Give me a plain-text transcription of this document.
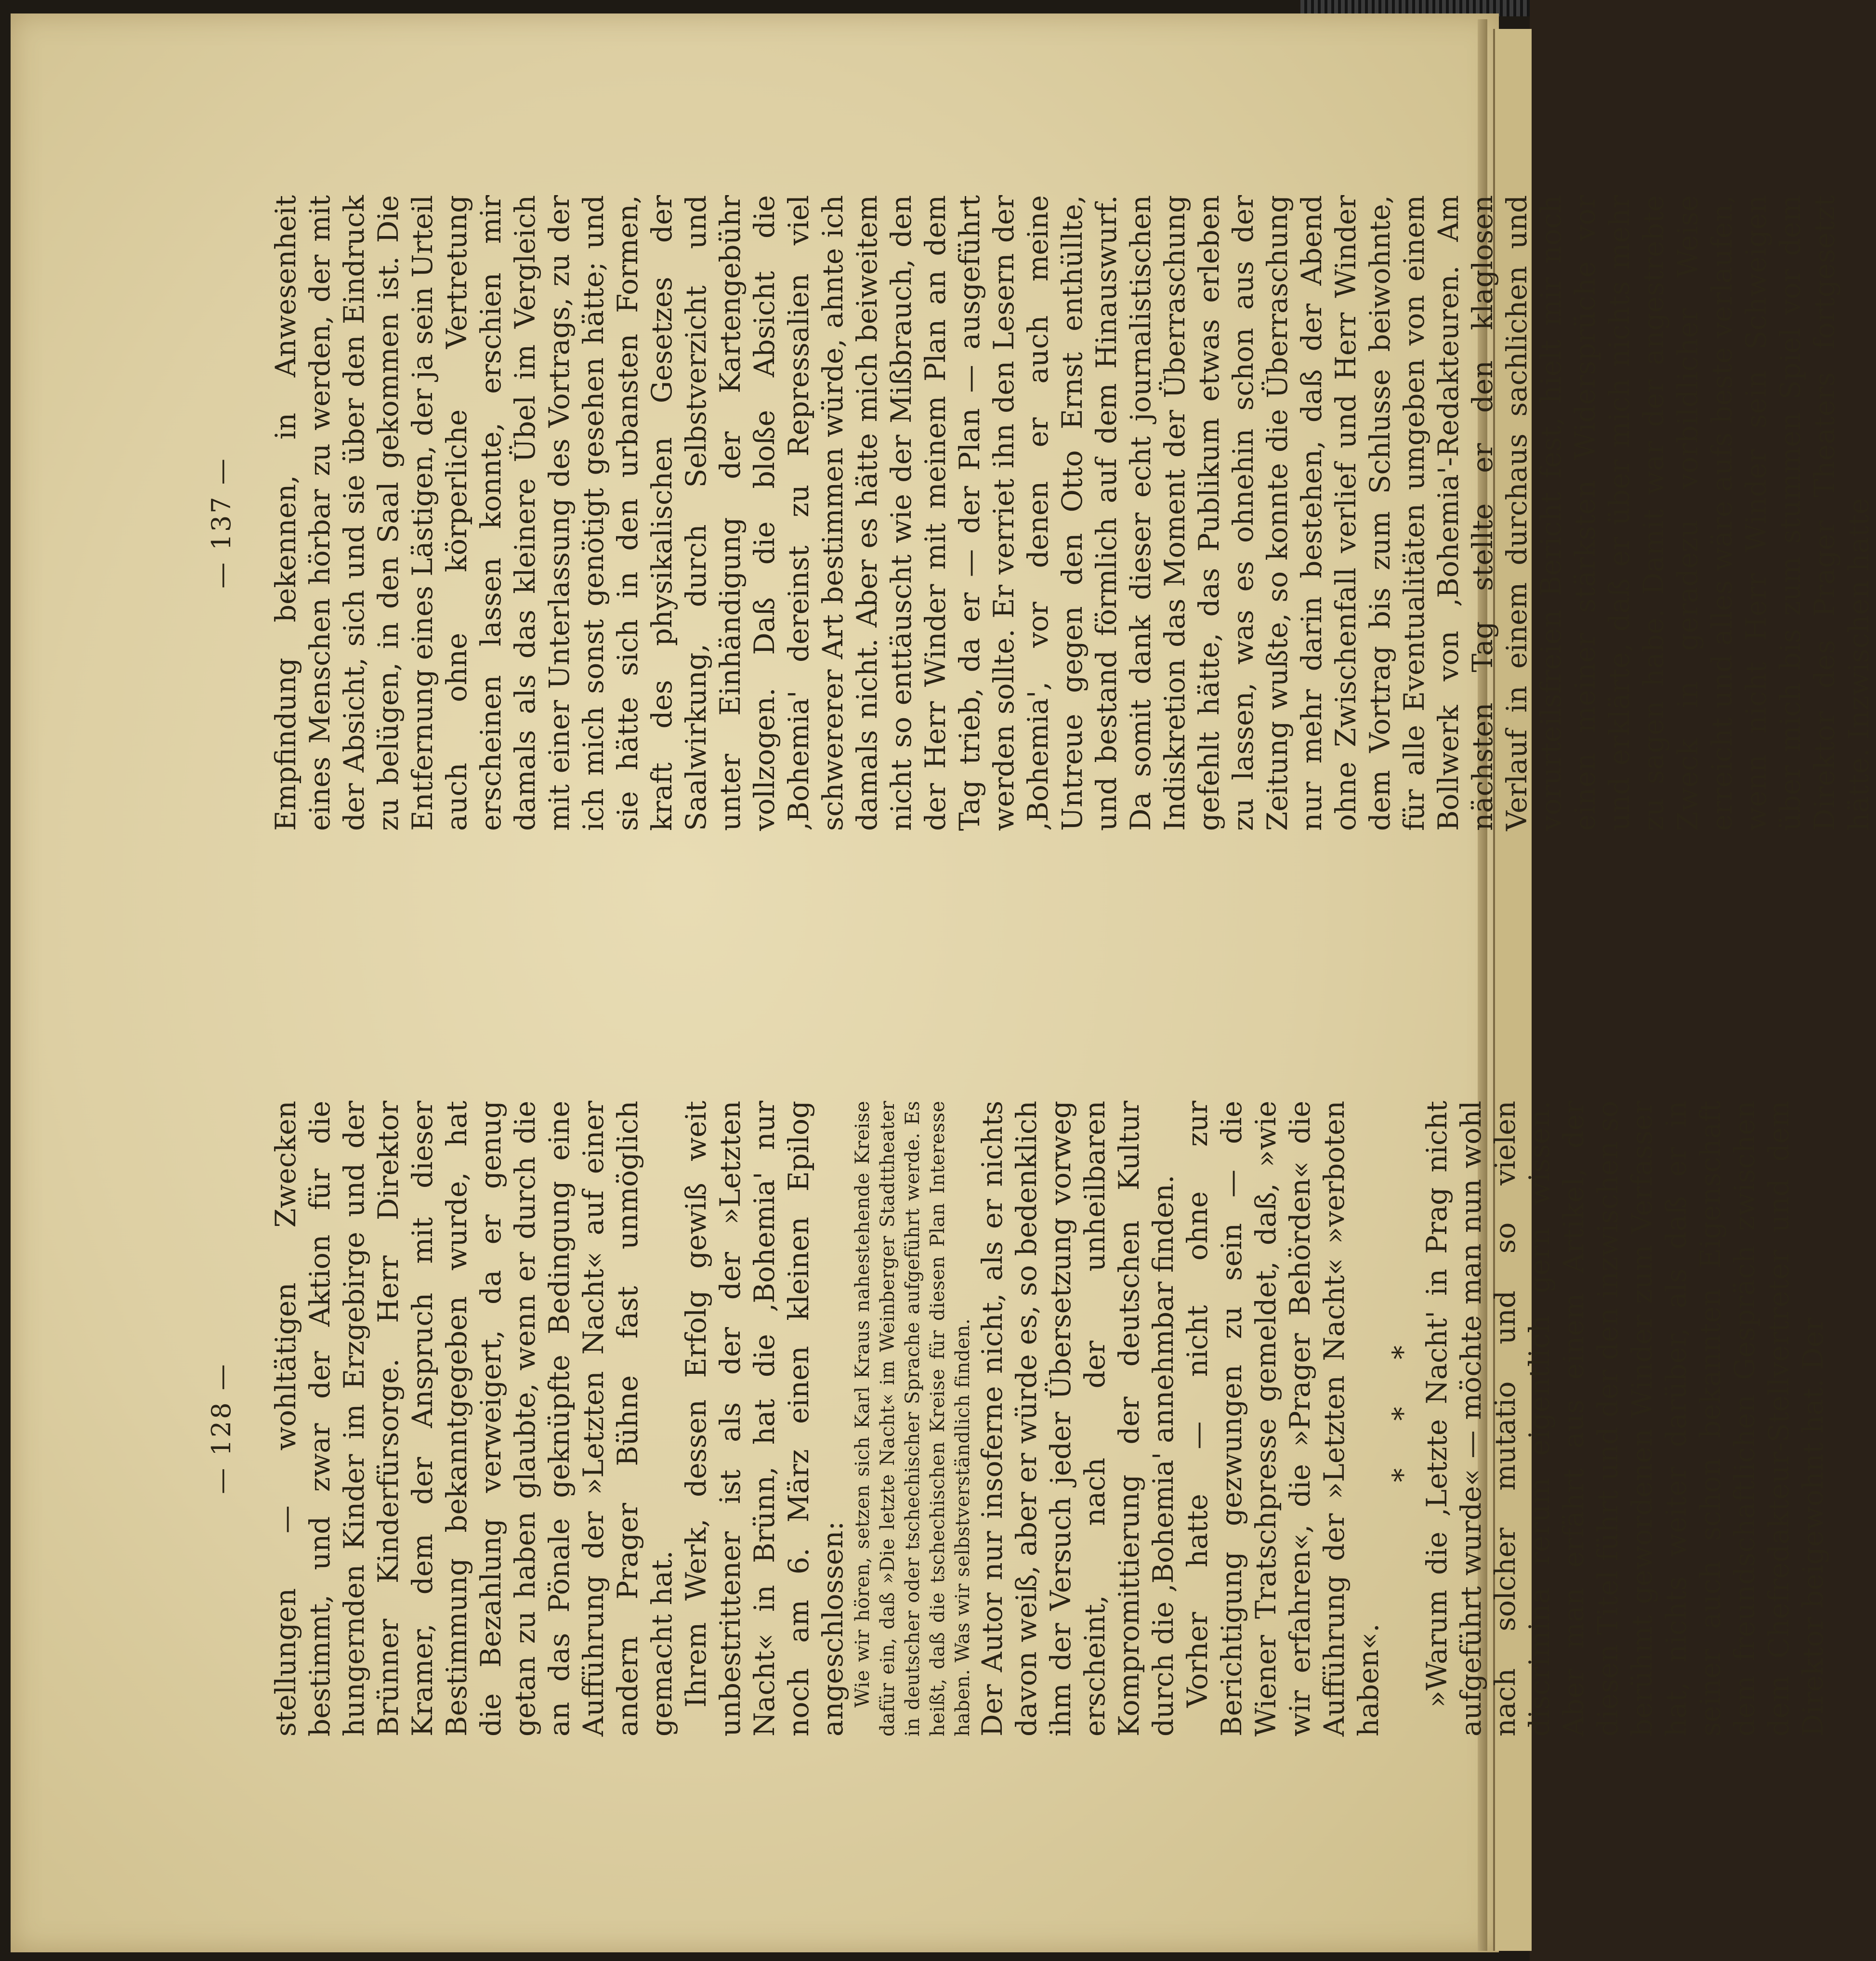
— 128 — stellungen — wohltätigen Zwecken bestimmt, und zwar der Aktion für die hungernden Kinder im Erzgebirge und der Brünner Kinderfürsorge. Herr Direktor Kramer, dem der Anspruch mit dieser Bestimmung bekanntgegeben wurde, hat die Bezahlung verweigert, da er genug getan zu haben glaubte, wenn er durch die an das Pönale geknüpfte Bedingung eine Aufführung der »Letzten Nacht« auf einer andern Prager Bühne fast unmöglich gemacht hat. Ihrem Werk, dessen Erfolg gewiß weit unbestrittener ist als der der »Letzten Nacht« in Brünn, hat die ‚Bohemia' nur noch am 6. März einen kleinen Epilog angeschlossen: Wie wir hören, setzen sich Karl Kraus nahestehende Kreise dafür ein, daß »Die letzte Nacht« im Weinberger Stadttheater in deutscher oder tschechischer Sprache aufgeführt werde. Es heißt, daß die tschechischen Kreise für diesen Plan Interesse haben. Was wir selbstverständlich finden. Der Autor nur insoferne nicht, als er nichts davon weiß, aber er würde es, so bedenklich ihm der Versuch jeder Übersetzung vorweg erscheint, nach der unheilbaren Kompromittierung der deutschen Kultur durch die ‚Bohemia' annehmbar finden. Vorher hatte — nicht ohne zur Berichtigung gezwungen zu sein — die Wiener Tratschpresse gemeldet, daß, »wie wir erfahren«, die »Prager Behörden« die Aufführung der »Letzten Nacht« »verboten haben«.

* * * »Warum die ‚Letzte Nacht' in Prag nicht aufgeführt wurde« — möchte man nun wohl nach solcher mutatio und so vielen discrimina rerum eigentlich gern wissen. Aber man erfährt aus einem Artikel, der diesen Titel führt und der den inzwischen so berühmt gewordenen Winder zum Verfasser hat, nichts weiter darüber, als daß er in seiner auch schon bekannten Eigenschaft dem freundschaftlichen Gespräch zwischen dem Chefredakteur-Stellvertreter und dem Direktor beigewohnt hat. Der

— 137 — Empfindung bekennen, in Anwesenheit eines Menschen hörbar zu werden, der mit der Absicht, sich und sie über den Eindruck zu belügen, in den Saal gekommen ist. Die Entfernung eines Lästigen, der ja sein Urteil auch ohne körperliche Vertretung erscheinen lassen konnte, erschien mir damals als das kleinere Übel im Vergleich mit einer Unterlassung des Vortrags, zu der ich mich sonst genötigt gesehen hätte; und sie hätte sich in den urbansten Formen, kraft des physikalischen Gesetzes der Saalwirkung, durch Selbstverzicht und unter Einhändigung der Kartengebühr vollzogen. Daß die bloße Absicht die ‚Bohemia' dereinst zu Repressalien viel schwererer Art bestimmen würde, ahnte ich damals nicht. Aber es hätte mich beiweitem nicht so enttäuscht wie der Mißbrauch, den der Herr Winder mit meinem Plan an dem Tag trieb, da er — der Plan — ausgeführt werden sollte. Er verriet ihn den Lesern der ‚Bohemia', vor denen er auch meine Untreue gegen den Otto Ernst enthüllte, und bestand förmlich auf dem Hinauswurf. Da somit dank dieser echt journalistischen Indiskretion das Moment der Überraschung gefehlt hätte, das Publikum etwas erleben zu lassen, was es ohnehin schon aus der Zeitung wußte, so konnte die Überraschung nur mehr darin bestehen, daß der Abend ohne Zwischenfall verlief und Herr Winder dem Vortrag bis zum Schlusse beiwohnte, für alle Eventualitäten umgeben von einem Bollwerk von ‚Bohemia'-Redakteuren. Am nächsten Tag stellte er den klaglosen Verlauf in einem durchaus sachlichen und vorurteilsfreien Bericht fest, hielt mir noch einen meiner stärksten Widersprüche vor und erklärte, daß er über mich nichts mehr zu sagen habe. Damit war der angestrebte Zweck in geradezu vorbildlicher Weise erreicht und alles wäre aufs beste verlaufen, wenn nicht Herr Winder sein Schweigen über mich bis zum stummen Spiel vor dem Direktor des Prager Theaters fortgesetzt hätte. Inzwischen hatte
